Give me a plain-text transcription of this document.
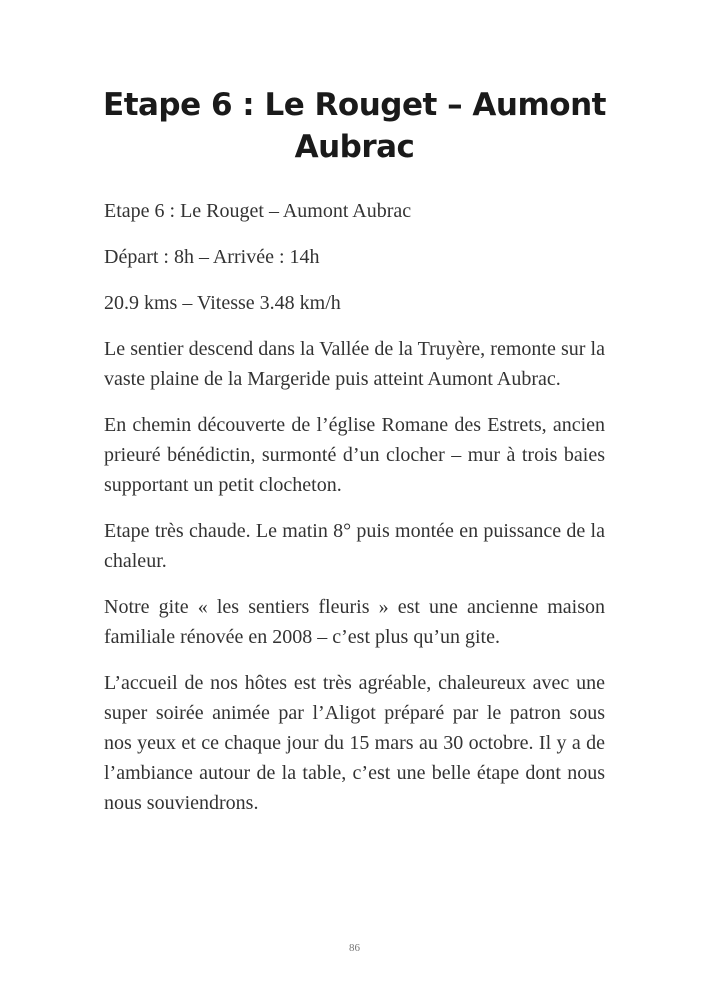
Etape 6 : Le Rouget – Aumont Aubrac

Etape 6 : Le Rouget – Aumont Aubrac

Départ : 8h – Arrivée : 14h

20.9 kms – Vitesse 3.48 km/h

Le sentier descend dans la Vallée de la Truyère, remonte sur la vaste plaine de la Margeride puis atteint Aumont Aubrac.

En chemin découverte de l’église Romane des Estrets, ancien prieuré bénédictin, surmonté d’un clocher – mur à trois baies supportant un petit clocheton.

Etape très chaude. Le matin 8° puis montée en puissance de la chaleur.

Notre gite « les sentiers fleuris » est une ancienne maison familiale rénovée en 2008 – c’est plus qu’un gite.

L’accueil de nos hôtes est très agréable, chaleureux avec une super soirée animée par l’Aligot préparé par le patron sous nos yeux et ce chaque jour du 15 mars au 30 octobre. Il y a de l’ambiance autour de la table, c’est une belle étape dont nous nous souviendrons.

86
